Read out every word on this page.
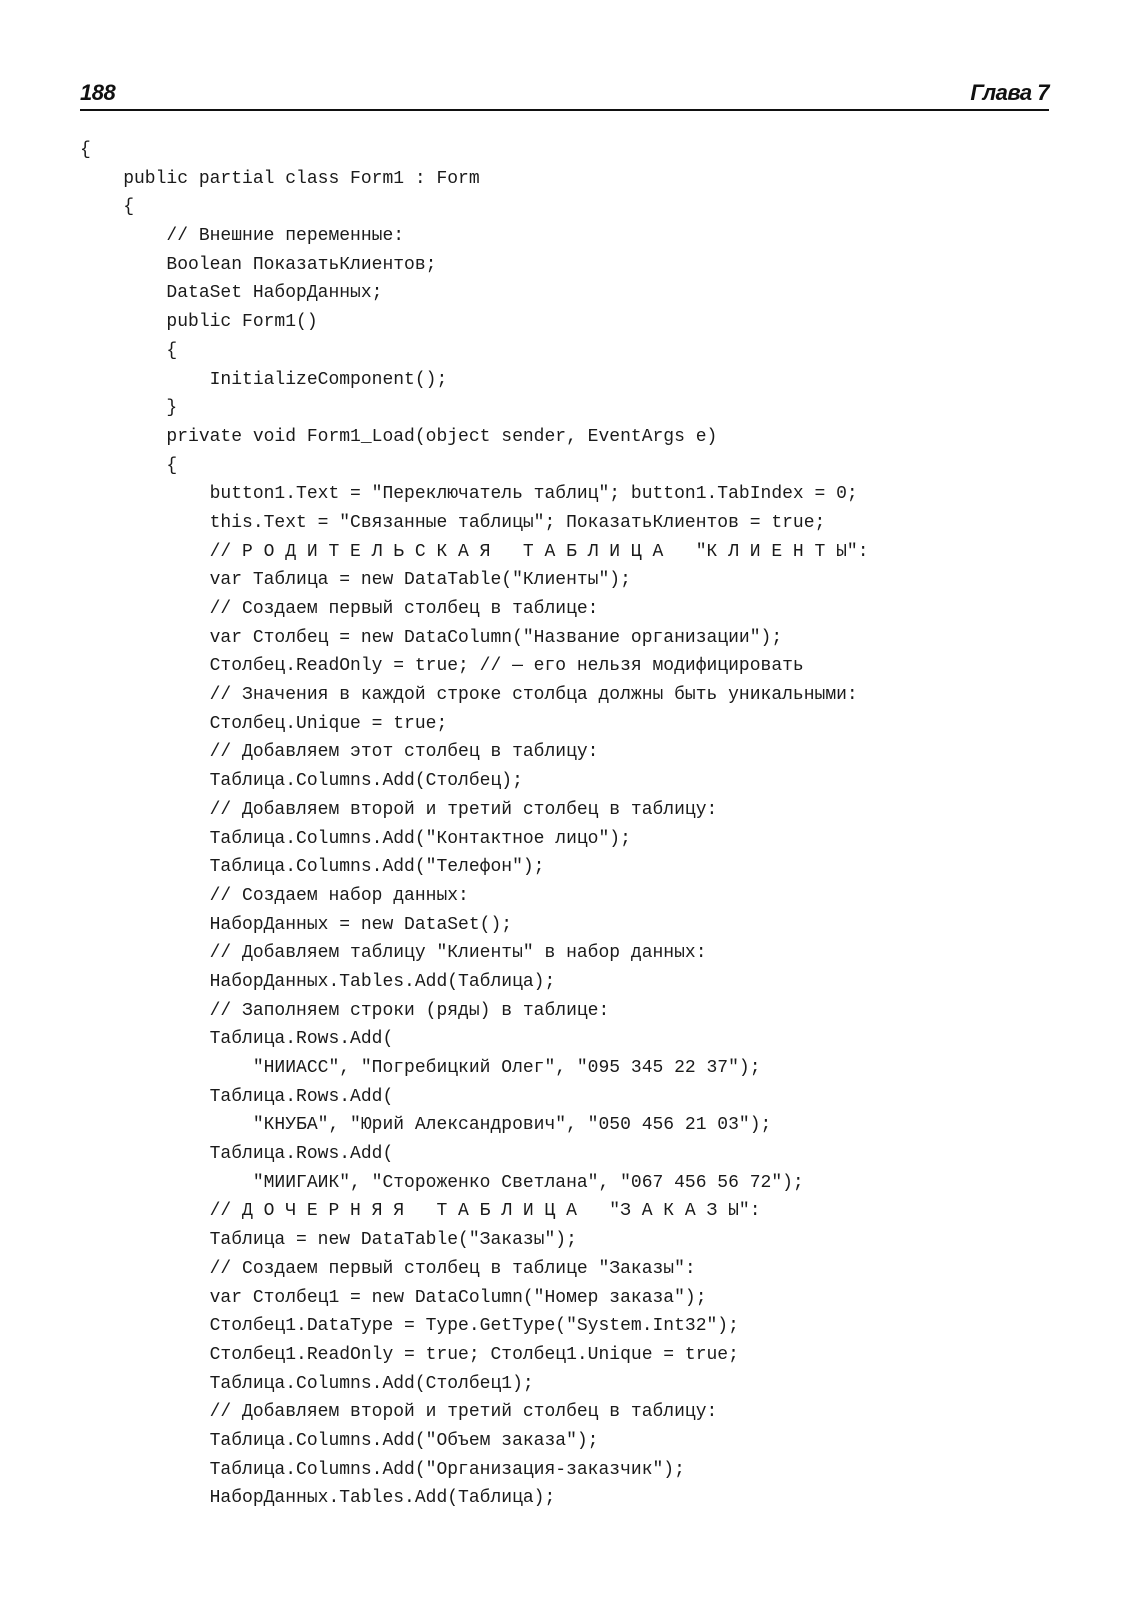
188	Глава 7
{
public partial class Form1 : Form
{
// Внешние переменные:
Boolean ПоказатьКлиентов;
DataSet НаборДанных;
public Form1()
{
InitializeComponent();
}
private void Form1_Load(object sender, EventArgs e)
{
button1.Text = "Переключатель таблиц"; button1.TabIndex = 0;
this.Text = "Связанные таблицы"; ПоказатьКлиентов = true;
// Р О Д И Т Е Л Ь С К А Я   Т А Б Л И Ц А   "К Л И Е Н Т Ы":
var Таблица = new DataTable("Клиенты");
// Создаем первый столбец в таблице:
var Столбец = new DataColumn("Название организации");
Столбец.ReadOnly = true; // — его нельзя модифицировать
// Значения в каждой строке столбца должны быть уникальными:
Столбец.Unique = true;
// Добавляем этот столбец в таблицу:
Таблица.Columns.Add(Столбец);
// Добавляем второй и третий столбец в таблицу:
Таблица.Columns.Add("Контактное лицо");
Таблица.Columns.Add("Телефон");
// Создаем набор данных:
НаборДанных = new DataSet();
// Добавляем таблицу "Клиенты" в набор данных:
НаборДанных.Tables.Add(Таблица);
// Заполняем строки (ряды) в таблице:
Таблица.Rows.Add(
"НИИАСС", "Погребицкий Олег", "095 345 22 37");
Таблица.Rows.Add(
"КНУБА", "Юрий Александрович", "050 456 21 03");
Таблица.Rows.Add(
"МИИГАИК", "Стороженко Светлана", "067 456 56 72");
// Д О Ч Е Р Н Я Я   Т А Б Л И Ц А   "З А К А З Ы":
Таблица = new DataTable("Заказы");
// Создаем первый столбец в таблице "Заказы":
var Столбец1 = new DataColumn("Номер заказа");
Столбец1.DataType = Type.GetType("System.Int32");
Столбец1.ReadOnly = true; Столбец1.Unique = true;
Таблица.Columns.Add(Столбец1);
// Добавляем второй и третий столбец в таблицу:
Таблица.Columns.Add("Объем заказа");
Таблица.Columns.Add("Организация-заказчик");
НаборДанных.Tables.Add(Таблица);
